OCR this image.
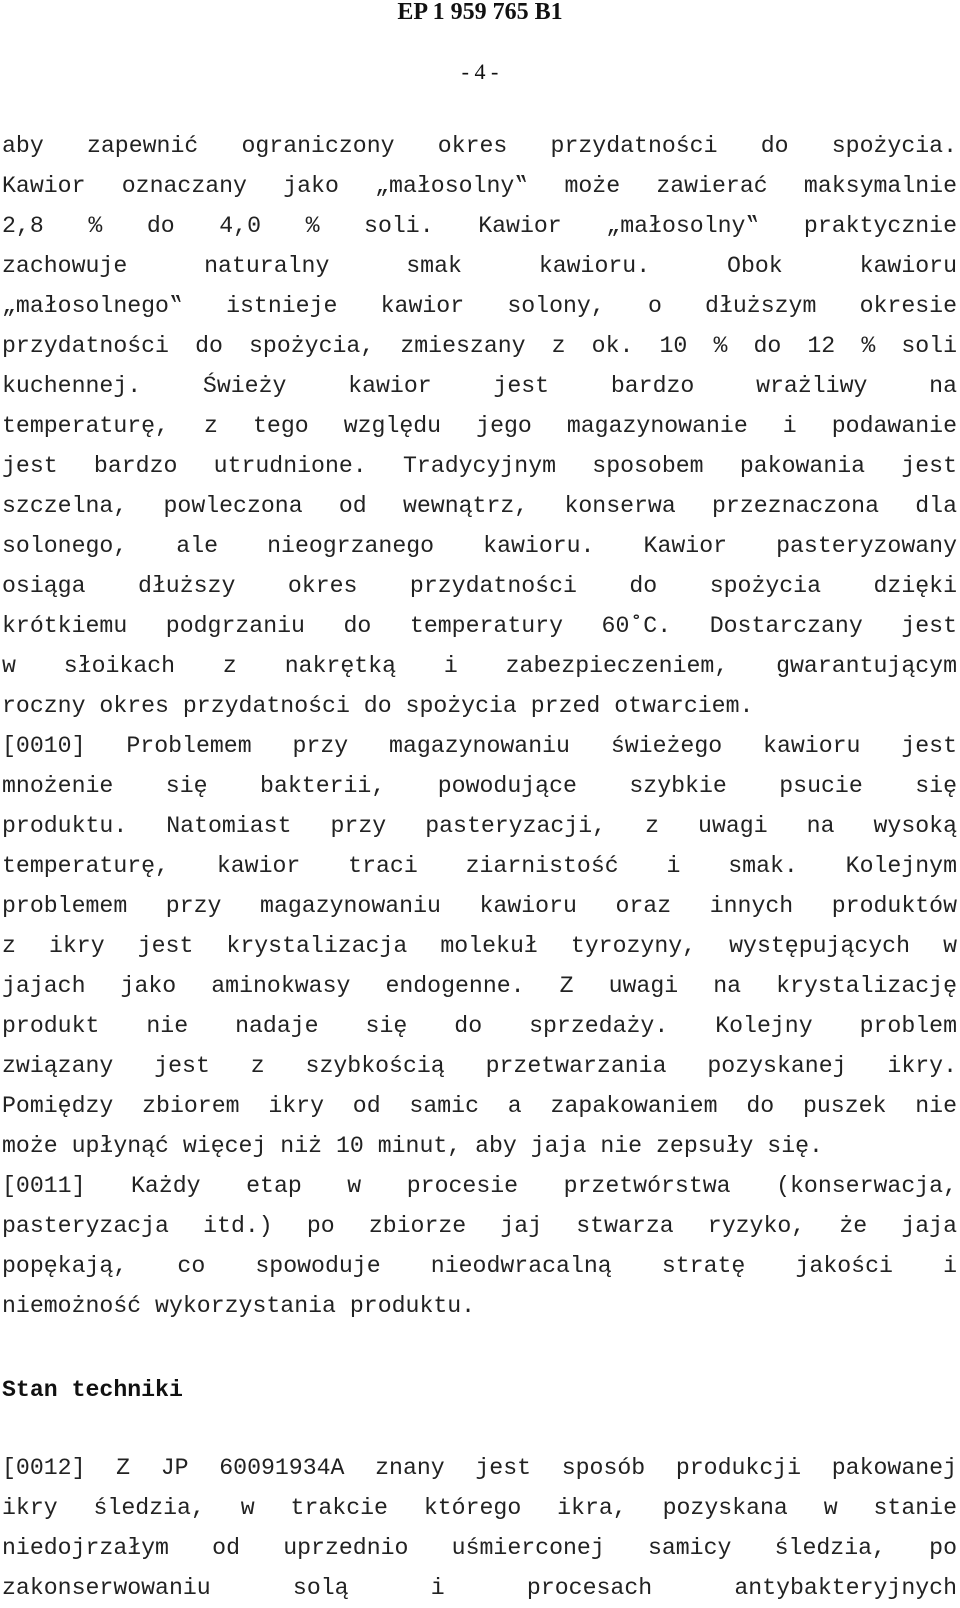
EP 1 959 765 B1
- 4 -
aby zapewnić ograniczony okres przydatności do spożycia.
Kawior oznaczany jako „małosolny‟ może zawierać maksymalnie
2,8 % do 4,0 % soli. Kawior „małosolny‟ praktycznie
zachowuje naturalny smak kawioru. Obok kawioru
„małosolnego‟ istnieje kawior solony, o dłuższym okresie
przydatności do spożycia, zmieszany z ok. 10 % do 12 % soli
kuchennej. Świeży kawior jest bardzo wrażliwy na
temperaturę, z tego względu jego magazynowanie i podawanie
jest bardzo utrudnione. Tradycyjnym sposobem pakowania jest
szczelna, powleczona od wewnątrz, konserwa przeznaczona dla
solonego, ale nieogrzanego kawioru. Kawior pasteryzowany
osiąga dłuższy okres przydatności do spożycia dzięki
krótkiemu podgrzaniu do temperatury 60˚C. Dostarczany jest
w słoikach z nakrętką i zabezpieczeniem, gwarantującym
roczny okres przydatności do spożycia przed otwarciem.
[0010] Problemem przy magazynowaniu świeżego kawioru jest
mnożenie się bakterii, powodujące szybkie psucie się
produktu. Natomiast przy pasteryzacji, z uwagi na wysoką
temperaturę, kawior traci ziarnistość i smak. Kolejnym
problemem przy magazynowaniu kawioru oraz innych produktów
z ikry jest krystalizacja molekuł tyrozyny, występujących w
jajach jako aminokwasy endogenne. Z uwagi na krystalizację
produkt nie nadaje się do sprzedaży. Kolejny problem
związany jest z szybkością przetwarzania pozyskanej ikry.
Pomiędzy zbiorem ikry od samic a zapakowaniem do puszek nie
może upłynąć więcej niż 10 minut, aby jaja nie zepsuły się.
[0011] Każdy etap w procesie przetwórstwa (konserwacja,
pasteryzacja itd.) po zbiorze jaj stwarza ryzyko, że jaja
popękają, co spowoduje nieodwracalną stratę jakości i
niemożność wykorzystania produktu.
Stan techniki
[0012] Z JP 60091934A znany jest sposób produkcji pakowanej
ikry śledzia, w trakcie którego ikra, pozyskana w stanie
niedojrzałym od uprzednio uśmierconej samicy śledzia, po
zakonserwowaniu solą i procesach antybakteryjnych
